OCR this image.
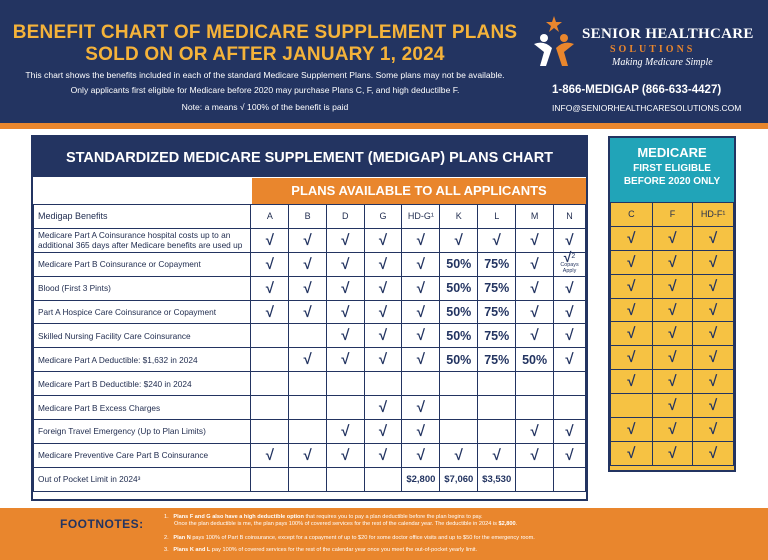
BENEFIT CHART OF MEDICARE SUPPLEMENT PLANS
SOLD ON OR AFTER JANUARY 1, 2024
This chart shows the benefits included in each of the standard Medicare Supplement Plans. Some plans may not be available.
Only applicants first eligible for Medicare before 2020 may purchase Plans C, F, and high deductilbe F.
Note: a means √ 100% of the benefit is paid
SENIOR HEALTHCARE
SOLUTIONS
Making Medicare Simple
1-866-MEDIGAP (866-633-4427)
INFO@SENIORHEALTHCARESOLUTIONS.COM
STANDARDIZED MEDICARE SUPPLEMENT (MEDIGAP) PLANS CHART
PLANS AVAILABLE TO ALL APPLICANTS
Medigap Benefits	A	B	D	G	HD-G¹	K	L	M	N
Medicare Part A Coinsurance hospital costs up to an additional 365 days after Medicare benefits are used up	√	√	√	√	√	√	√	√	√
Medicare Part B Coinsurance or Copayment	√	√	√	√	√	50%	75%	√	√$^2$
Copays
Apply

Blood (First 3 Pints)	√	√	√	√	√	50%	75%	√	√
Part A Hospice Care Coinsurance or Copayment	√	√	√	√	√	50%	75%	√	√
Skilled Nursing Facility Care Coinsurance			√	√	√	50%	75%	√	√
Medicare Part A Deductible: $1,632 in 2024		√	√	√	√	50%	75%	50%	√
Medicare Part B Deductible: $240 in 2024									
Medicare Part B Excess Charges				√	√				
Foreign Travel Emergency (Up to Plan Limits)			√	√	√			√	√
Medicare Preventive Care Part B Coinsurance	√	√	√	√	√	√	√	√	√
Out of Pocket Limit in 2024³					$2,800	$7,060	$3,530		
MEDICARE
FIRST ELIGIBLE
BEFORE 2020 ONLY
C	F	HD-F¹
√	√	√
√	√	√
√	√	√
√	√	√
√	√	√
√	√	√
√	√	√
	√	√
√	√	√
√	√	√
FOOTNOTES:	1. Plans F and G also have a high deductible option that requires you to pay a plan deductible before the plan begins to pay.
Once the plan deductible is me, the plan pays 100% of covered services for the rest of the calendar year. The deductible in 2024 is $2,800.
2. Plan N pays 100% of Part B coinsurance, except for a copayment of up to $20 for some doctor office visits and up to $50 for the emergency room.
3. Plans K and L pay 100% of covered services for the rest of the calendar year once you meet the out-of-pocket yearly limit.
